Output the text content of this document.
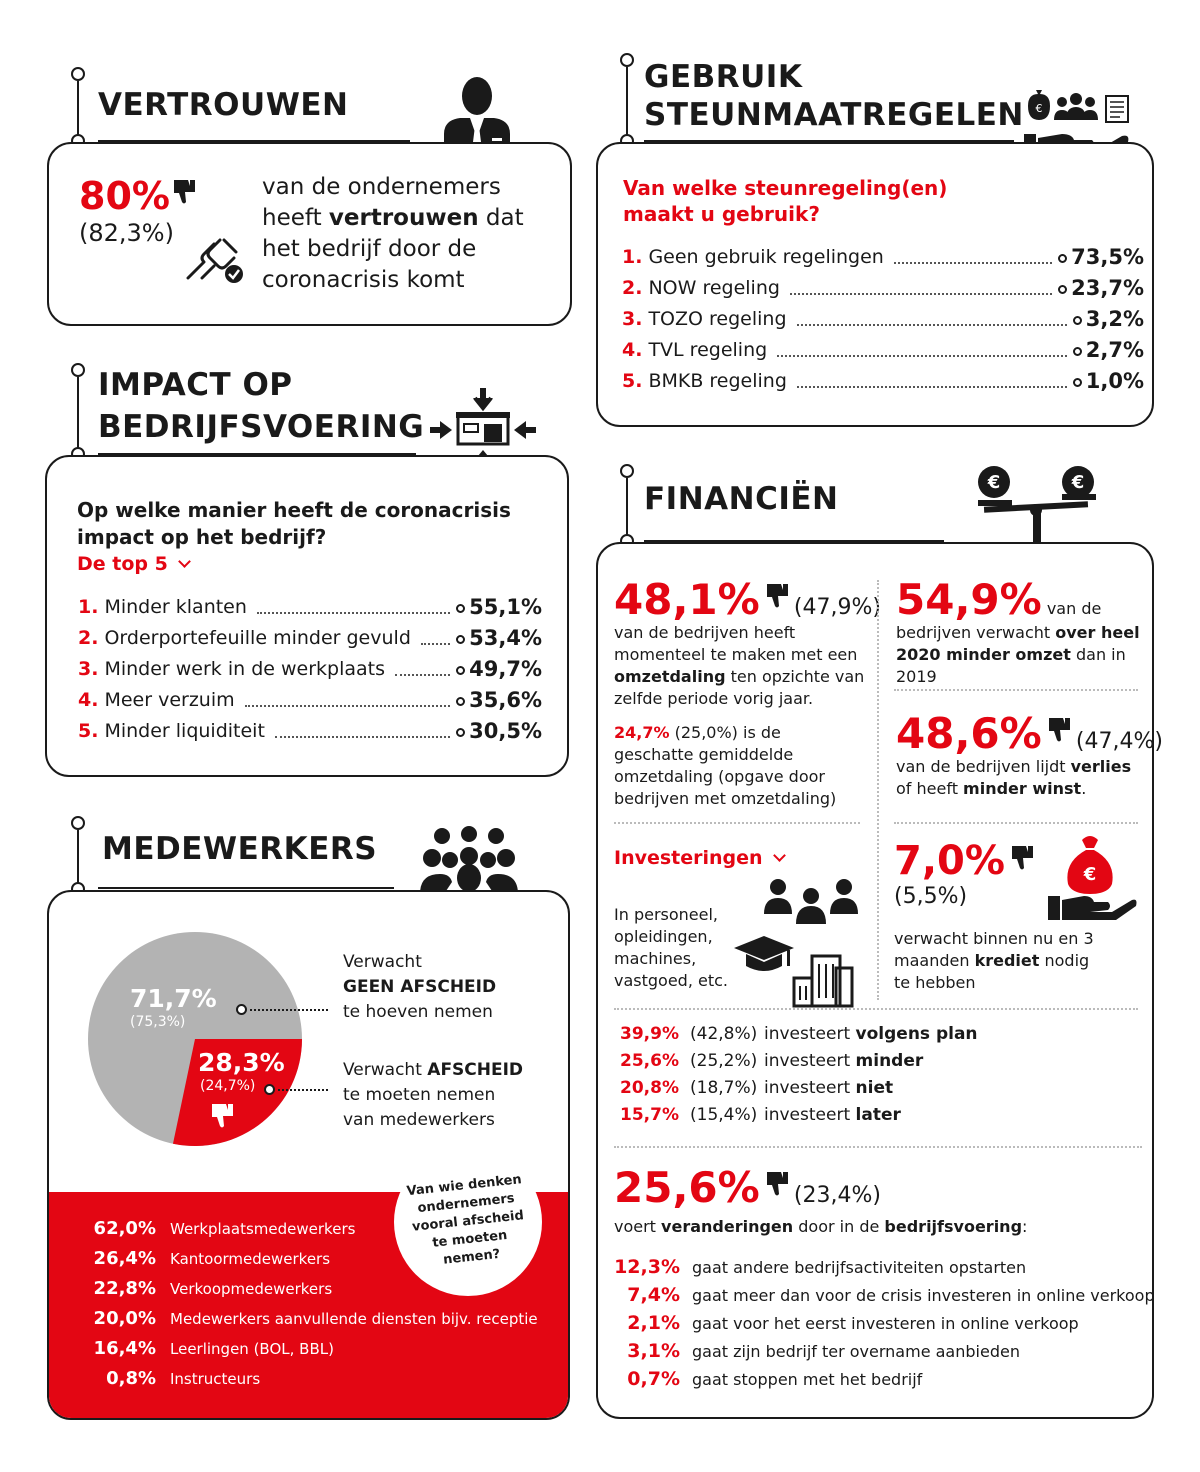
VERTROUWEN
80%
(82,3%)
van de ondernemers heeft vertrouwen dat het bedrijf door de coronacrisis komt
IMPACT OP
BEDRIJFSVOERING
Op welke manier heeft de coronacrisis impact op het bedrijf?
De top 5
1. Minder klanten	55,1%
2. Orderportefeuille minder gevuld	53,4%
3. Minder werk in de werkplaats	49,7%
4. Meer verzuim	35,6%
5. Minder liquiditeit	30,5%
MEDEWERKERS
71,7%
(75,3%)
28,3%
(24,7%)
Verwacht
GEEN AFSCHEID
te hoeven nemen
Verwacht AFSCHEID
te moeten nemen
van medewerkers
Van wie denken ondernemers vooral afscheid te moeten nemen?
62,0% Werkplaatsmedewerkers
26,4% Kantoormedewerkers
22,8% Verkoopmedewerkers
20,0% Medewerkers aanvullende diensten bijv. receptie
16,4% Leerlingen (BOL, BBL)
0,8% Instructeurs
GEBRUIK
STEUNMAATREGELEN €
Van welke steunregeling(en)
maakt u gebruik?
1. Geen gebruik regelingen	73,5%
2. NOW regeling	23,7%
3. TOZO regeling	3,2%
4. TVL regeling	2,7%
5. BMKB regeling	1,0%
FINANCIËN	€	€
48,1% (47,9%)
van de bedrijven heeft momenteel te maken met een omzetdaling ten opzichte van zelfde periode vorig jaar.
24,7% (25,0%) is de geschatte gemiddelde omzetdaling (opgave door bedrijven met omzetdaling)
54,9% van de
bedrijven verwacht over heel 2020 minder omzet dan in 2019
48,6% (47,4%)
van de bedrijven lijdt verlies of heeft minder winst.
Investeringen
In personeel, opleidingen, machines, vastgoed, etc.
7,0%
(5,5%)
€
verwacht binnen nu en 3 maanden krediet nodig te hebben
39,9% (42,8%) investeert volgens plan
25,6% (25,2%) investeert minder
20,8% (18,7%) investeert niet
15,7% (15,4%) investeert later
25,6% (23,4%)
voert veranderingen door in de bedrijfsvoering:
12,3% gaat andere bedrijfsactiviteiten opstarten
7,4% gaat meer dan voor de crisis investeren in online verkoop
2,1% gaat voor het eerst investeren in online verkoop
3,1% gaat zijn bedrijf ter overname aanbieden
0,7% gaat stoppen met het bedrijf
